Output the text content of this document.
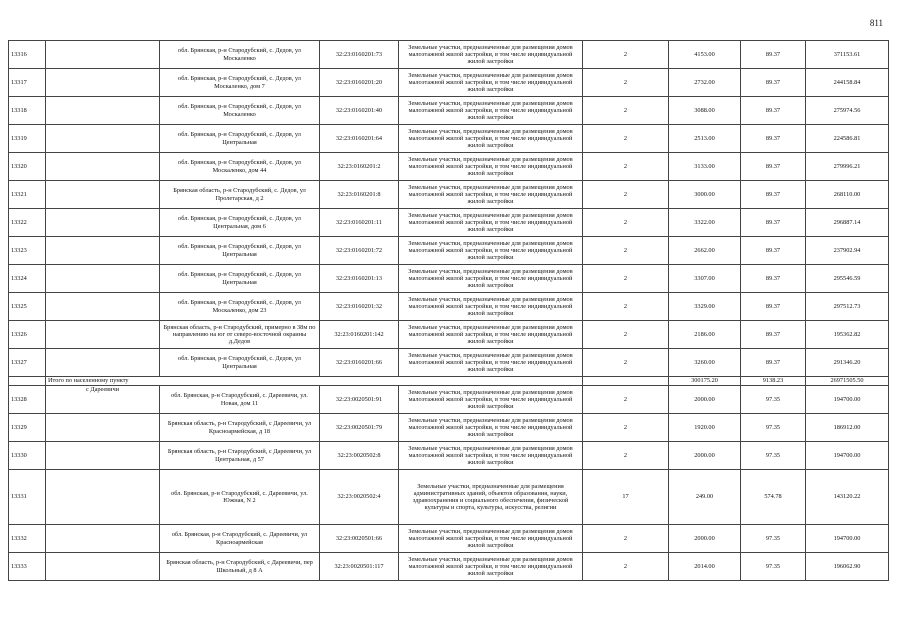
811
13316		обл. Брянская, р-н Стародубский, с. Дедов, ул Москаленко	32:23:0160201:73	Земельные участки, предназначенные для размещения домов малоэтажной жилой застройки, в том числе индивидуальной жилой застройки	2	4153.00	89.37	371153.61
13317		обл. Брянская, р-н Стародубский, с. Дедов, ул Москаленко, дом 7	32:23:0160201:20	Земельные участки, предназначенные для размещения домов малоэтажной жилой застройки, в том числе индивидуальной жилой застройки	2	2732.00	89.37	244158.84
13318		обл. Брянская, р-н Стародубский, с. Дедов, ул Москаленко	32:23:0160201:40	Земельные участки, предназначенные для размещения домов малоэтажной жилой застройки, в том числе индивидуальной жилой застройки	2	3088.00	89.37	275974.56
13319		обл. Брянская, р-н Стародубский, с. Дедов, ул Центральная	32:23:0160201:64	Земельные участки, предназначенные для размещения домов малоэтажной жилой застройки, в том числе индивидуальной жилой застройки	2	2513.00	89.37	224586.81
13320		обл. Брянская, р-н Стародубский, с. Дедов, ул Москаленко, дом 44	32:23:0160201:2	Земельные участки, предназначенные для размещения домов малоэтажной жилой застройки, в том числе индивидуальной жилой застройки	2	3133.00	89.37	279996.21
13321		Брянская область, р-н Стародубский, с. Дедов, ул Пролетарская, д 2	32:23:0160201:8	Земельные участки, предназначенные для размещения домов малоэтажной жилой застройки, в том числе индивидуальной жилой застройки	2	3000.00	89.37	268110.00
13322		обл. Брянская, р-н Стародубский, с. Дедов, ул Центральная, дом 6	32:23:0160201:11	Земельные участки, предназначенные для размещения домов малоэтажной жилой застройки, в том числе индивидуальной жилой застройки	2	3322.00	89.37	296887.14
13323		обл. Брянская, р-н Стародубский, с. Дедов, ул Центральная	32:23:0160201:72	Земельные участки, предназначенные для размещения домов малоэтажной жилой застройки, в том числе индивидуальной жилой застройки	2	2662.00	89.37	237902.94
13324		обл. Брянская, р-н Стародубский, с. Дедов, ул Центральная	32:23:0160201:13	Земельные участки, предназначенные для размещения домов малоэтажной жилой застройки, в том числе индивидуальной жилой застройки	2	3307.00	89.37	295546.59
13325		обл. Брянская, р-н Стародубский, с. Дедов, ул Москаленко, дом 23	32:23:0160201:32	Земельные участки, предназначенные для размещения домов малоэтажной жилой застройки, в том числе индивидуальной жилой застройки	2	3329.00	89.37	297512.73
13326		Брянская область, р-н Стародубский, примерно в 38м по направлению на юг от северо-восточной окраины д.Дедов	32:23:0160201:142	Земельные участки, предназначенные для размещения домов малоэтажной жилой застройки, в том числе индивидуальной жилой застройки	2	2186.00	89.37	195362.82
13327		обл. Брянская, р-н Стародубский, с. Дедов, ул Центральная	32:23:0160201:66	Земельные участки, предназначенные для размещения домов малоэтажной жилой застройки, в том числе индивидуальной жилой застройки	2	3260.00	89.37	291346.20
	Итого по населенному пункту					300175.20	9138.23	26971505.50
13328	с Дареевичи	обл. Брянская, р-н Стародубский, с. Дареевичи, ул. Новая, дом 11	32:23:0020501:91	Земельные участки, предназначенные для размещения домов малоэтажной жилой застройки, в том числе индивидуальной жилой застройки	2	2000.00	97.35	194700.00
13329		Брянская область, р-н Стародубский, с Дареевичи, ул Красноармейская, д 18	32:23:0020501:79	Земельные участки, предназначенные для размещения домов малоэтажной жилой застройки, в том числе индивидуальной жилой застройки	2	1920.00	97.35	186912.00
13330		Брянская область, р-н Стародубский, с Дареевичи, ул Центральная, д 57	32:23:0020502:8	Земельные участки, предназначенные для размещения домов малоэтажной жилой застройки, в том числе индивидуальной жилой застройки	2	2000.00	97.35	194700.00
13331		обл. Брянская, р-н Стародубский, с. Дареевичи, ул. Южная, N 2	32:23:0020502:4	Земельные участки, предназначенные для размещения административных зданий, объектов образования, науки, здравоохранения и социального обеспечения, физической культуры и спорта, культуры, искусства, религии	17	249.00	574.78	143120.22
13332		обл. Брянская, р-н Стародубский, с. Дареевичи, ул Красноармейская	32:23:0020501:66	Земельные участки, предназначенные для размещения домов малоэтажной жилой застройки, в том числе индивидуальной жилой застройки	2	2000.00	97.35	194700.00
13333		Брянская область, р-н Стародубский, с Дареевичи, пер Школьный, д 8 А	32:23:0020501:117	Земельные участки, предназначенные для размещения домов малоэтажной жилой застройки, в том числе индивидуальной жилой застройки	2	2014.00	97.35	196062.90
